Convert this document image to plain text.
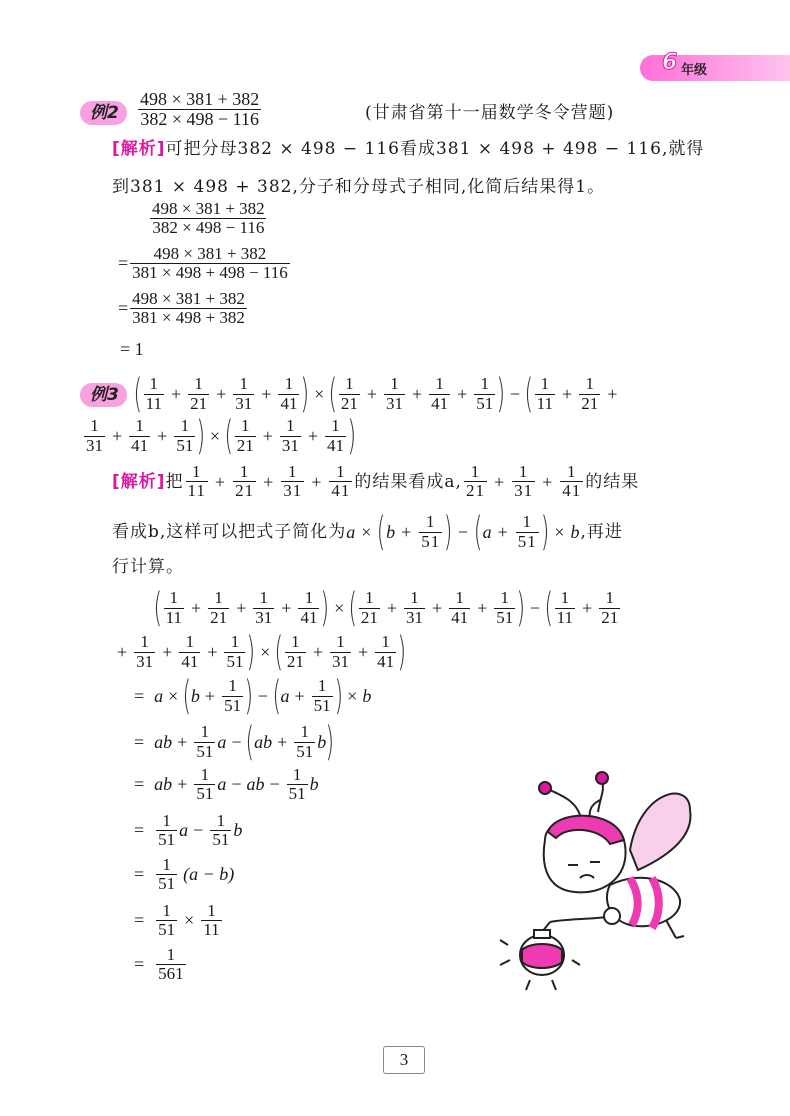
6 年级
例2	$\frac{498 \times 381 + 382}{382 \times 498 - 116}$	(甘肃省第十一届数学冬令营题)
[解析]可把分母382 × 498 − 116看成381 × 498 + 498 − 116,就得
到381 × 498 + 382,分子和分母式子相同,化简后结果得1。
$\frac{498 \times 381 + 382}{382 \times 498 - 116}$
= $\frac{498 \times 381 + 382}{381 \times 498 + 498 - 116}$
= $\frac{498 \times 381 + 382}{381 \times 498 + 382}$
= 1
例3 ( 1
$11 + \frac{1}{21} + \frac{1}{31} + \frac{1}{41}$ ) × ( 1
$21 + \frac{1}{31} + \frac{1}{41} + \frac{1}{51}$ ) − ( 1
$11 + \frac{1}{21}$ +
1
$31 + \frac{1}{41} + \frac{1}{51}$ ) × ( 1
$21 + \frac{1}{31} + \frac{1}{41}$ )
[解析] 把
1
$11 + \frac{1}{21} + \frac{1}{31} + \frac{1}{41}$ 的结果看成a,
1
$21 + \frac{1}{31} + \frac{1}{41}$ 的结果
看成b,这样可以把式子简化为 a × ( $b + \frac{1}{51}$ ) − ( $a + \frac{1}{51}$ ) × b ,再进
行计算。
( 1
$11 + \frac{1}{21} + \frac{1}{31} + \frac{1}{41}$ ) × ( 1
$21 + \frac{1}{31} + \frac{1}{41} + \frac{1}{51}$ ) − ( 1
$11 + \frac{1}{21}$
+ $\frac{1}{31} + \frac{1}{41} + \frac{1}{51}$ ) × ( 1
$21 + \frac{1}{31} + \frac{1}{41}$ )
= a × ( $b + \frac{1}{51}$ ) − ( $a + \frac{1}{51}$ ) × b
= ab + $\frac{1}{51}$ a − ( ab + $\frac{1}{51}$ b )
= ab + $\frac{1}{51}$ a − ab − $\frac{1}{51}$ b
= 1
51 $a - \frac{1}{51}$ b
= 1
51 (a − b)
= $\frac{1}{51} \times \frac{1}{11}$
= 1
561
3
